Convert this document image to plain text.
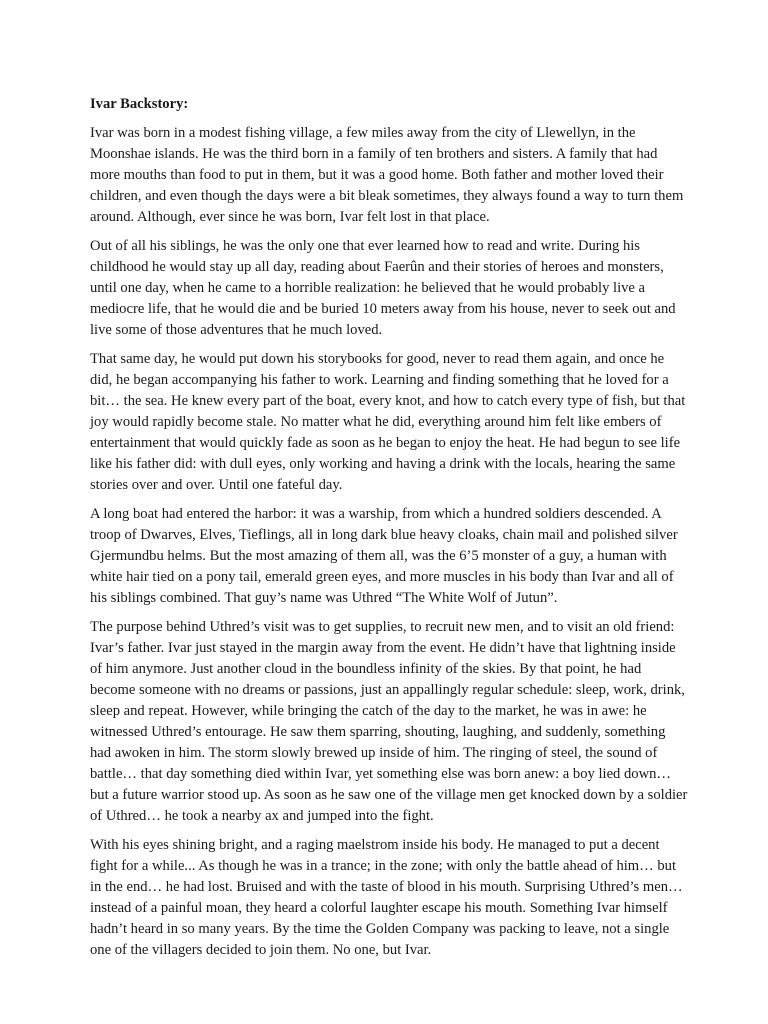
Ivar Backstory:

Ivar was born in a modest fishing village, a few miles away from the city of Llewellyn, in the Moonshae islands. He was the third born in a family of ten brothers and sisters. A family that had more mouths than food to put in them, but it was a good home. Both father and mother loved their children, and even though the days were a bit bleak sometimes, they always found a way to turn them around. Although, ever since he was born, Ivar felt lost in that place.

Out of all his siblings, he was the only one that ever learned how to read and write. During his childhood he would stay up all day, reading about Faerûn and their stories of heroes and monsters, until one day, when he came to a horrible realization: he believed that he would probably live a mediocre life, that he would die and be buried 10 meters away from his house, never to seek out and live some of those adventures that he much loved.

That same day, he would put down his storybooks for good, never to read them again, and once he did, he began accompanying his father to work. Learning and finding something that he loved for a bit… the sea. He knew every part of the boat, every knot, and how to catch every type of fish, but that joy would rapidly become stale. No matter what he did, everything around him felt like embers of entertainment that would quickly fade as soon as he began to enjoy the heat. He had begun to see life like his father did: with dull eyes, only working and having a drink with the locals, hearing the same stories over and over. Until one fateful day.

A long boat had entered the harbor: it was a warship, from which a hundred soldiers descended. A troop of Dwarves, Elves, Tieflings, all in long dark blue heavy cloaks, chain mail and polished silver Gjermundbu helms. But the most amazing of them all, was the 6’5 monster of a guy, a human with white hair tied on a pony tail, emerald green eyes, and more muscles in his body than Ivar and all of his siblings combined. That guy’s name was Uthred “The White Wolf of Jutun”.

The purpose behind Uthred’s visit was to get supplies, to recruit new men, and to visit an old friend: Ivar’s father. Ivar just stayed in the margin away from the event. He didn’t have that lightning inside of him anymore. Just another cloud in the boundless infinity of the skies. By that point, he had become someone with no dreams or passions, just an appallingly regular schedule: sleep, work, drink, sleep and repeat. However, while bringing the catch of the day to the market, he was in awe: he witnessed Uthred’s entourage. He saw them sparring, shouting, laughing, and suddenly, something had awoken in him. The storm slowly brewed up inside of him. The ringing of steel, the sound of battle… that day something died within Ivar, yet something else was born anew: a boy lied down… but a future warrior stood up. As soon as he saw one of the village men get knocked down by a soldier of Uthred… he took a nearby ax and jumped into the fight.

With his eyes shining bright, and a raging maelstrom inside his body. He managed to put a decent fight for a while... As though he was in a trance; in the zone; with only the battle ahead of him… but in the end… he had lost. Bruised and with the taste of blood in his mouth. Surprising Uthred’s men… instead of a painful moan, they heard a colorful laughter escape his mouth. Something Ivar himself hadn’t heard in so many years. By the time the Golden Company was packing to leave, not a single one of the villagers decided to join them. No one, but Ivar.
